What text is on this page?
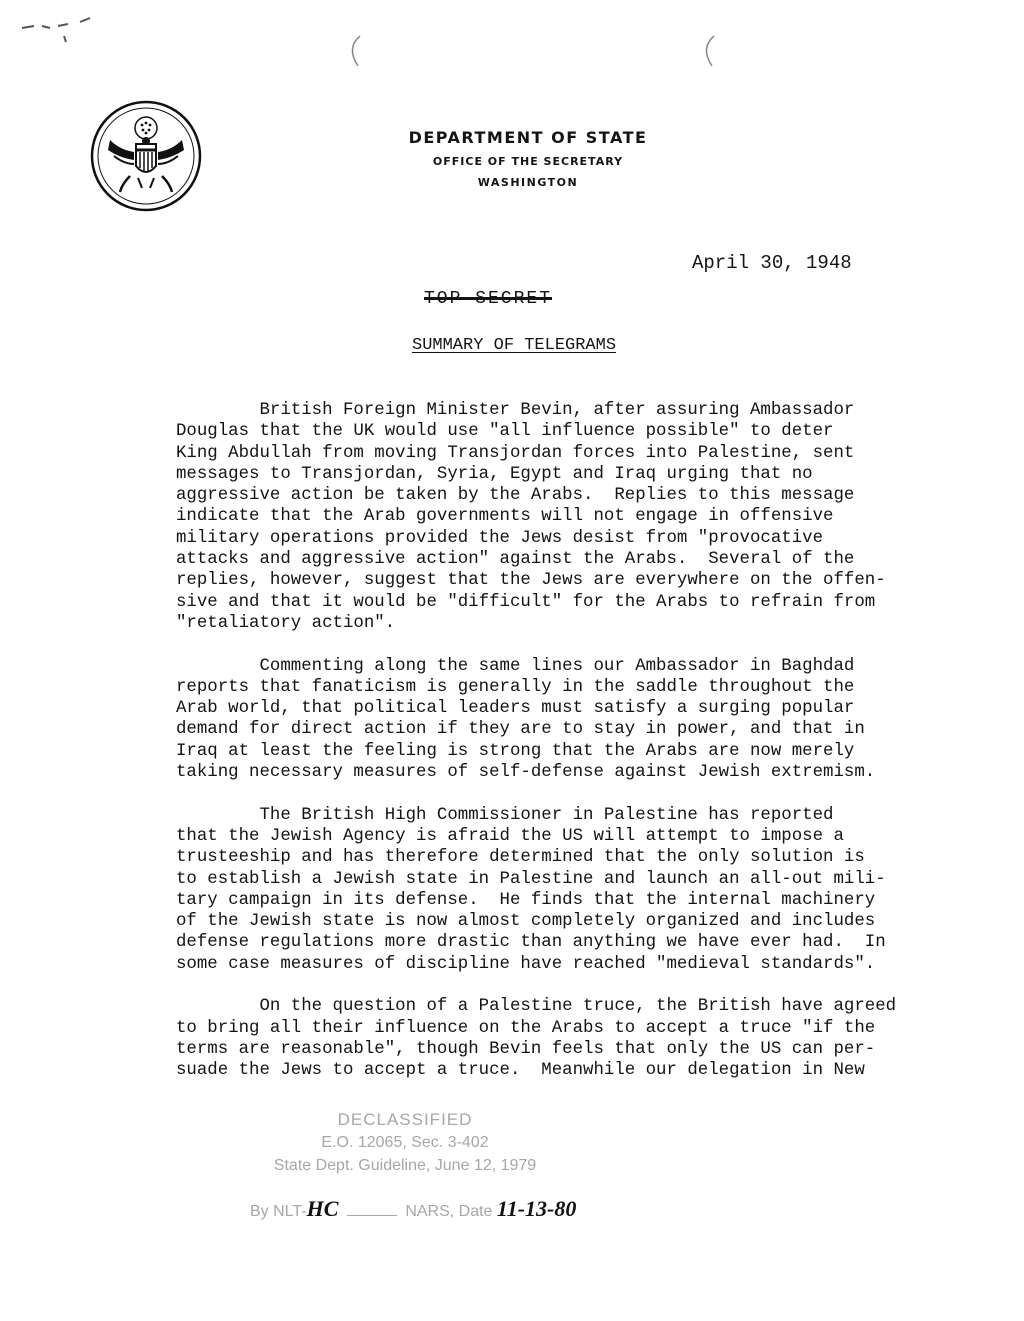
DEPARTMENT OF STATE
OFFICE OF THE SECRETARY
WASHINGTON
April 30, 1948
TOP SECRET
SUMMARY OF TELEGRAMS

British Foreign Minister Bevin, after assuring Ambassador
Douglas that the UK would use "all influence possible" to deter
King Abdullah from moving Transjordan forces into Palestine, sent
messages to Transjordan, Syria, Egypt and Iraq urging that no
aggressive action be taken by the Arabs.  Replies to this message
indicate that the Arab governments will not engage in offensive
military operations provided the Jews desist from "provocative
attacks and aggressive action" against the Arabs.  Several of the
replies, however, suggest that the Jews are everywhere on the offen-
sive and that it would be "difficult" for the Arabs to refrain from
"retaliatory action".

Commenting along the same lines our Ambassador in Baghdad
reports that fanaticism is generally in the saddle throughout the
Arab world, that political leaders must satisfy a surging popular
demand for direct action if they are to stay in power, and that in
Iraq at least the feeling is strong that the Arabs are now merely
taking necessary measures of self-defense against Jewish extremism.

The British High Commissioner in Palestine has reported
that the Jewish Agency is afraid the US will attempt to impose a
trusteeship and has therefore determined that the only solution is
to establish a Jewish state in Palestine and launch an all-out mili-
tary campaign in its defense.  He finds that the internal machinery
of the Jewish state is now almost completely organized and includes
defense regulations more drastic than anything we have ever had.  In
some case measures of discipline have reached "medieval standards".

On the question of a Palestine truce, the British have agreed
to bring all their influence on the Arabs to accept a truce "if the
terms are reasonable", though Bevin feels that only the US can per-
suade the Jews to accept a truce.  Meanwhile our delegation in New

DECLASSIFIED
E.O. 12065, Sec. 3-402
State Dept. Guideline, June 12, 1979
By NLT-HC	NARS, Date 11-13-80
